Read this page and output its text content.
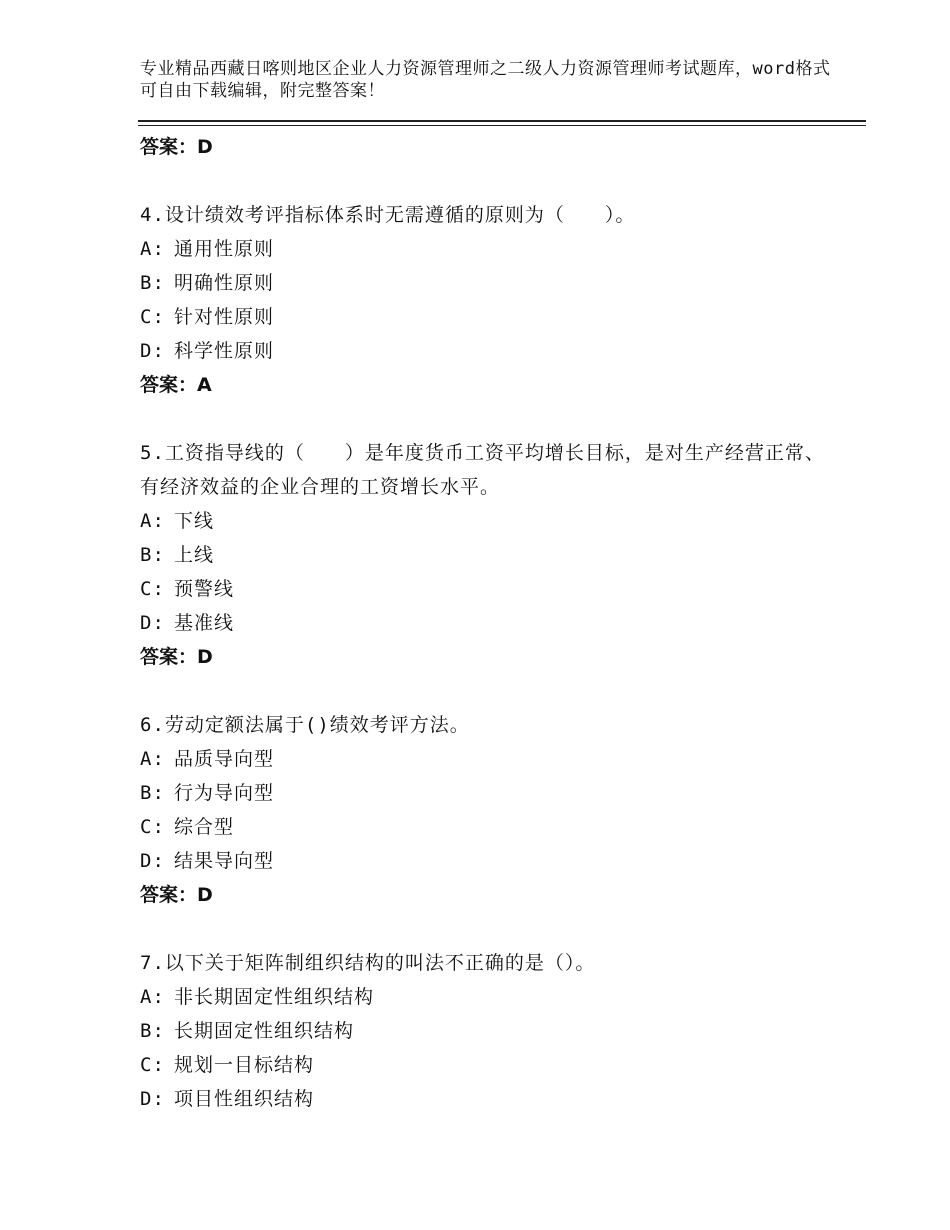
专业精品西藏日喀则地区企业人力资源管理师之二级人力资源管理师考试题库，word格式可自由下载编辑，附完整答案！
答案：D
4.设计绩效考评指标体系时无需遵循的原则为（　　）。
A: 通用性原则
B: 明确性原则
C: 针对性原则
D: 科学性原则
答案：A
5.工资指导线的（　　）是年度货币工资平均增长目标，是对生产经营正常、有经济效益的企业合理的工资增长水平。
A: 下线
B: 上线
C: 预警线
D: 基准线
答案：D
6.劳动定额法属于()绩效考评方法。
A: 品质导向型
B: 行为导向型
C: 综合型
D: 结果导向型
答案：D
7.以下关于矩阵制组织结构的叫法不正确的是（）。
A: 非长期固定性组织结构
B: 长期固定性组织结构
C: 规划一目标结构
D: 项目性组织结构
